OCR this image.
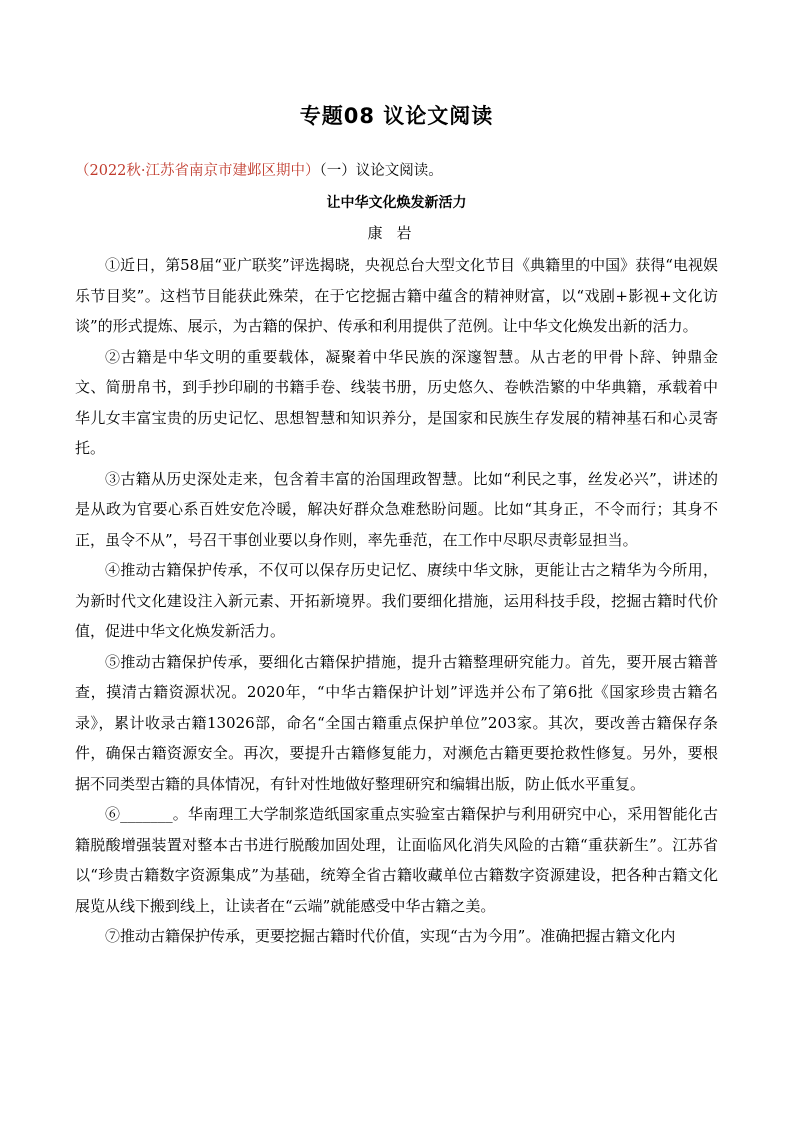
专题08 议论文阅读
（2022秋·江苏省南京市建邺区期中）（一）议论文阅读。
让中华文化焕发新活力
康岩

①近日，第58届“亚广联奖”评选揭晓，央视总台大型文化节目《典籍里的中国》获得“电视娱乐节目奖”。这档节目能获此殊荣，在于它挖掘古籍中蕴含的精神财富，以“戏剧+影视+文化访谈”的形式提炼、展示，为古籍的保护、传承和利用提供了范例。让中华文化焕发出新的活力。

②古籍是中华文明的重要载体，凝聚着中华民族的深邃智慧。从古老的甲骨卜辞、钟鼎金文、简册帛书，到手抄印刷的书籍手卷、线装书册，历史悠久、卷帙浩繁的中华典籍，承载着中华儿女丰富宝贵的历史记忆、思想智慧和知识养分，是国家和民族生存发展的精神基石和心灵寄托。

③古籍从历史深处走来，包含着丰富的治国理政智慧。比如“利民之事，丝发必兴”，讲述的是从政为官要心系百姓安危冷暖，解决好群众急难愁盼问题。比如“其身正，不令而行；其身不正，虽令不从”，号召干事创业要以身作则，率先垂范，在工作中尽职尽责彰显担当。

④推动古籍保护传承，不仅可以保存历史记忆、赓续中华文脉，更能让古之精华为今所用，为新时代文化建设注入新元素、开拓新境界。我们要细化措施，运用科技手段，挖掘古籍时代价值，促进中华文化焕发新活力。

⑤推动古籍保护传承，要细化古籍保护措施，提升古籍整理研究能力。首先，要开展古籍普查，摸清古籍资源状况。2020年，“中华古籍保护计划”评选并公布了第6批《国家珍贵古籍名录》，累计收录古籍13026部，命名“全国古籍重点保护单位”203家。其次，要改善古籍保存条件，确保古籍资源安全。再次，要提升古籍修复能力，对濒危古籍更要抢救性修复。另外，要根据不同类型古籍的具体情况，有针对性地做好整理研究和编辑出版，防止低水平重复。

⑥_______。华南理工大学制浆造纸国家重点实验室古籍保护与利用研究中心，采用智能化古籍脱酸增强装置对整本古书进行脱酸加固处理，让面临风化消失风险的古籍“重获新生”。江苏省以“珍贵古籍数字资源集成”为基础，统筹全省古籍收藏单位古籍数字资源建设，把各种古籍文化展览从线下搬到线上，让读者在“云端”就能感受中华古籍之美。

⑦推动古籍保护传承，更要挖掘古籍时代价值，实现“古为今用”。准确把握古籍文化内
